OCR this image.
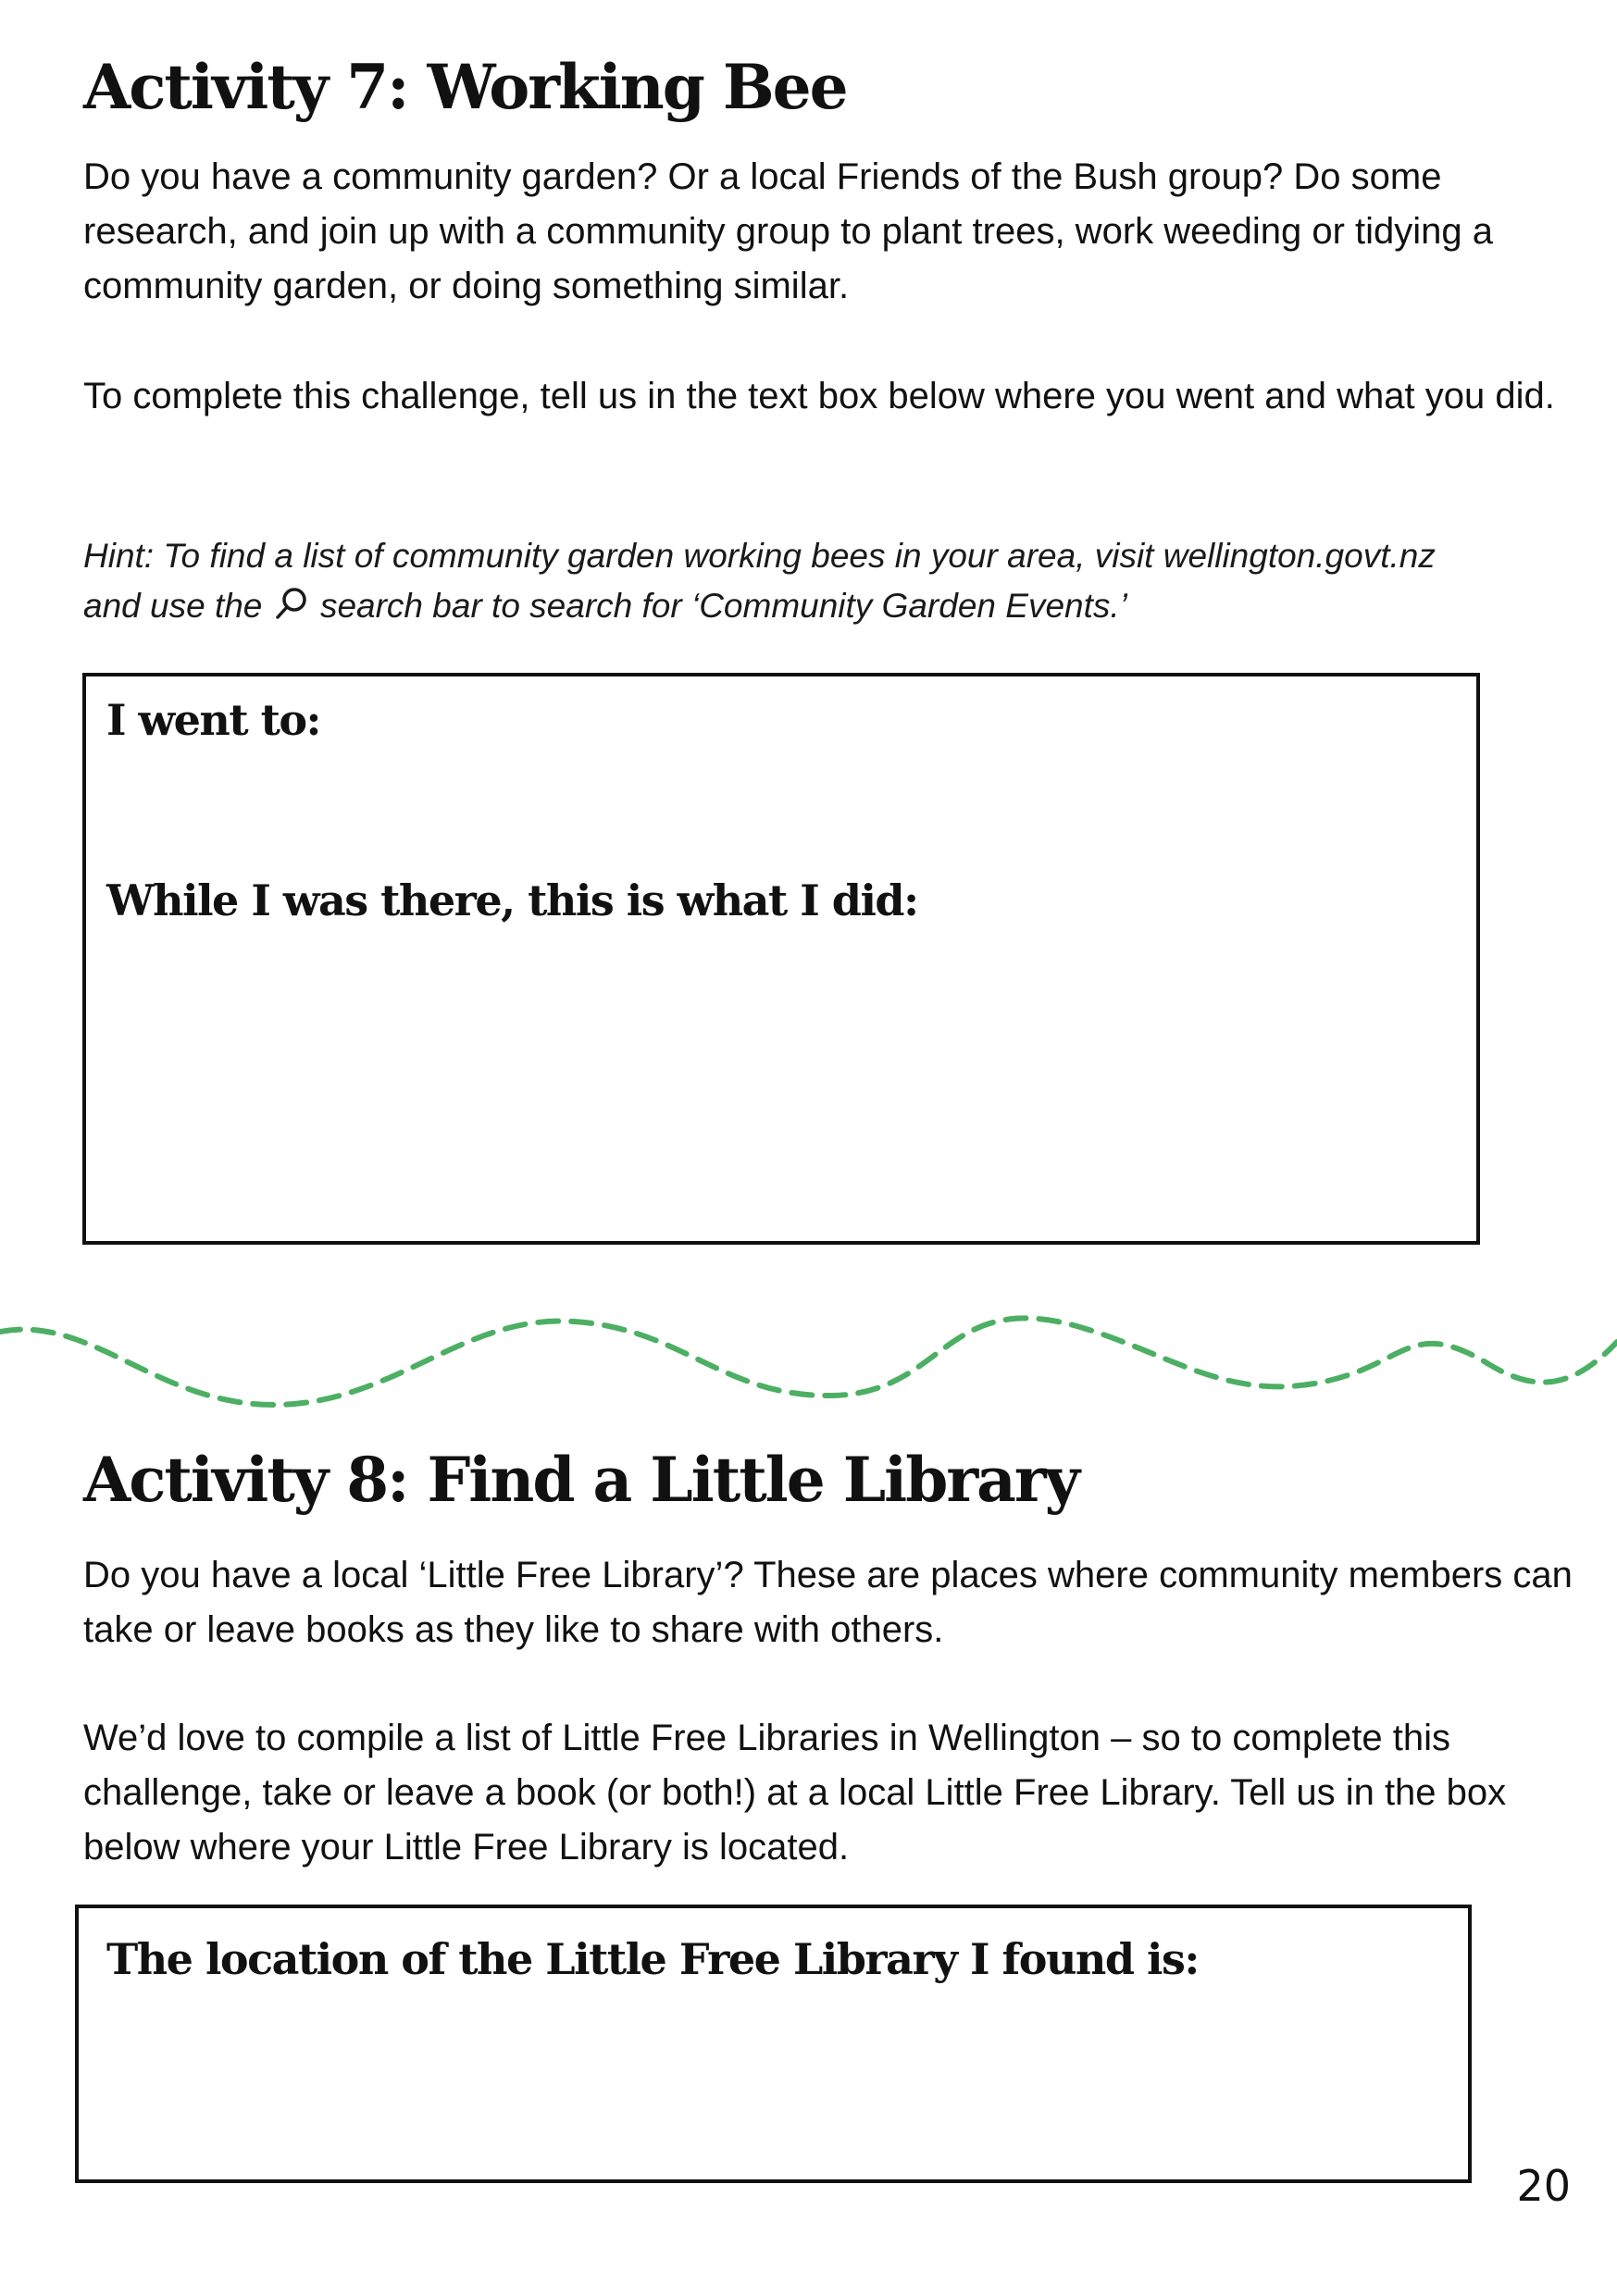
Activity 7: Working Bee

Do you have a community garden? Or a local Friends of the Bush group? Do some research, and join up with a community group to plant trees, work weeding or tidying a community garden, or doing something similar.

To complete this challenge, tell us in the text box below where you went and what you did.

Hint: To find a list of community garden working bees in your area, visit wellington.govt.nz
and use the search bar to search for ‘Community Garden Events.’

I went to:
While I was there, this is what I did:
Activity 8: Find a Little Library

Do you have a local ‘Little Free Library’? These are places where community members can take or leave books as they like to share with others.

We’d love to compile a list of Little Free Libraries in Wellington – so to complete this challenge, take or leave a book (or both!) at a local Little Free Library. Tell us in the box below where your Little Free Library is located.

The location of the Little Free Library I found is:

20
